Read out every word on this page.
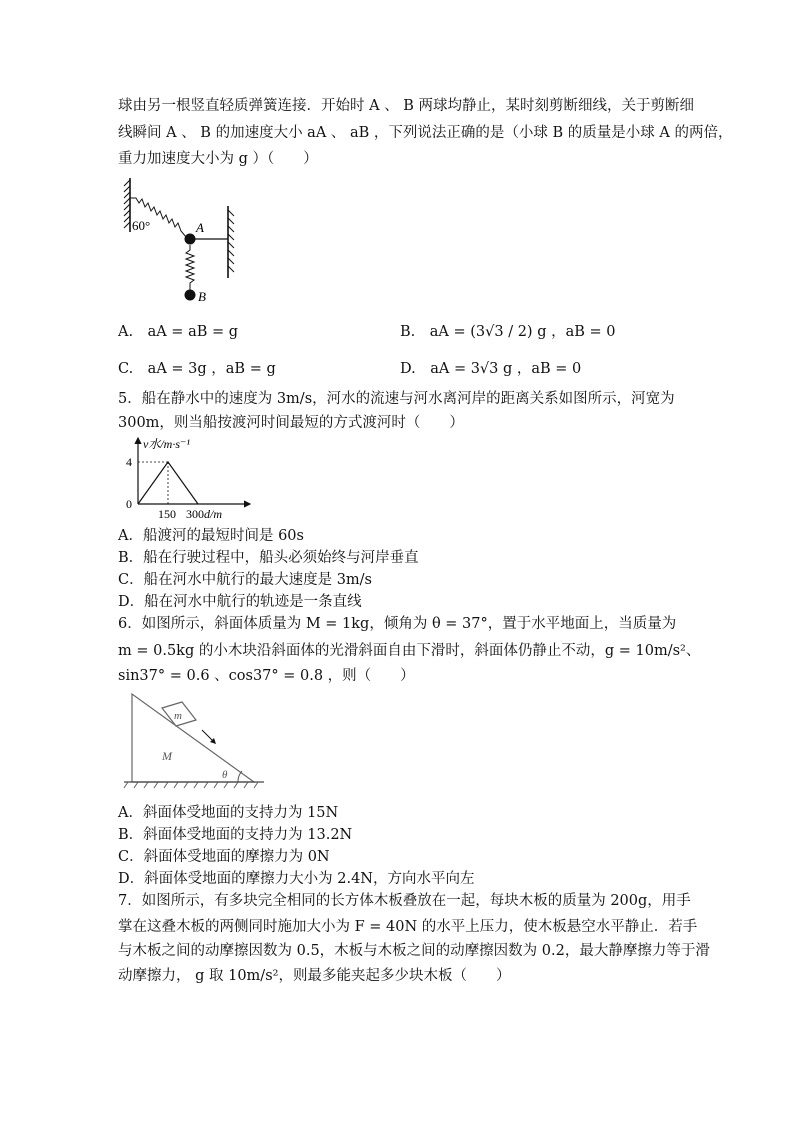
球由另一根竖直轻质弹簧连接．开始时 A 、 B 两球均静止，某时刻剪断细线，关于剪断细
线瞬间 A 、 B 的加速度大小 aA 、 aB ，下列说法正确的是（小球 B 的质量是小球 A 的两倍，
重力加速度大小为 g ）（　　）
60°	A
B
A.　aA = aB = g	B.　aA = (3√3 / 2) g ，aB = 0
C.　aA = 3g ，aB = g	D.　aA = 3√3 g ，aB = 0
5．船在静水中的速度为 3m/s，河水的流速与河水离河岸的距离关系如图所示，河宽为
300m，则当船按渡河时间最短的方式渡河时（　　）
v水/m·s⁻¹
d/m
0
4
150 300
A．船渡河的最短时间是 60s
B．船在行驶过程中，船头必须始终与河岸垂直
C．船在河水中航行的最大速度是 3m/s
D．船在河水中航行的轨迹是一条直线
6．如图所示，斜面体质量为 M = 1kg，倾角为 θ = 37°，置于水平地面上，当质量为
m = 0.5kg 的小木块沿斜面体的光滑斜面自由下滑时，斜面体仍静止不动，g = 10m/s²、
sin37° = 0.6 、cos37° = 0.8 ，则（　　）
m
M
θ
A．斜面体受地面的支持力为 15N
B．斜面体受地面的支持力为 13.2N
C．斜面体受地面的摩擦力为 0N
D．斜面体受地面的摩擦力大小为 2.4N，方向水平向左
7．如图所示，有多块完全相同的长方体木板叠放在一起，每块木板的质量为 200g，用手
掌在这叠木板的两侧同时施加大小为 F = 40N 的水平上压力，使木板悬空水平静止．若手
与木板之间的动摩擦因数为 0.5，木板与木板之间的动摩擦因数为 0.2，最大静摩擦力等于滑
动摩擦力， g 取 10m/s²，则最多能夹起多少块木板（　　）
